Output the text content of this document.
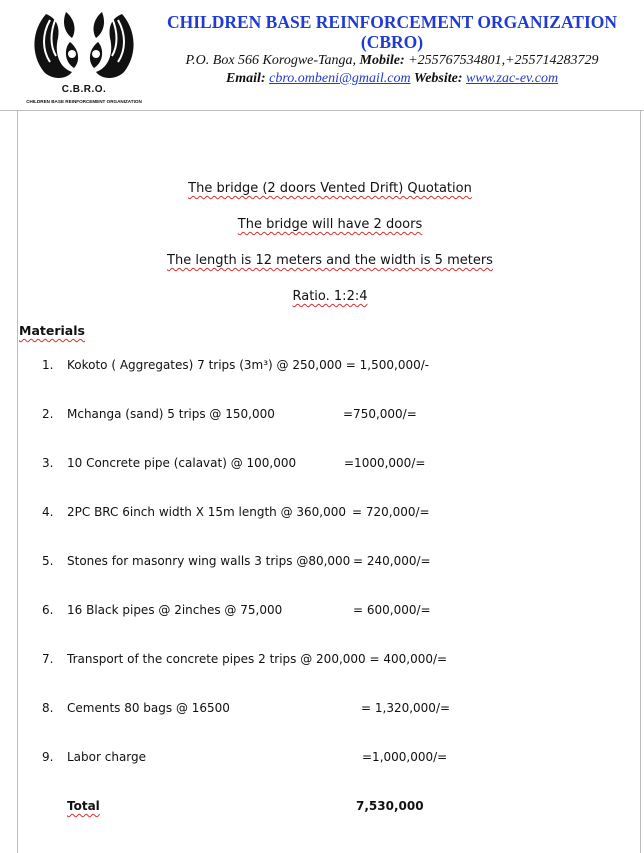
C.B.R.O.
CHILDREN BASE REINFORCEMENT ORGANIZATION
CHILDREN BASE REINFORCEMENT ORGANIZATION
(CBRO)
P.O. Box 566 Korogwe-Tanga, Mobile: +255767534801,+255714283729
Email: cbro.ombeni@gmail.com Website: www.zac-ev.com
The bridge (2 doors Vented Drift) Quotation
The bridge will have 2 doors
The length is 12 meters and the width is 5 meters
Ratio. 1:2:4
Materials
1. Kokoto ( Aggregates) 7 trips (3m³) @ 250,000 = 1,500,000/-
2. Mchanga (sand) 5 trips @ 150,000	=750,000/=
3. 10 Concrete pipe (calavat) @ 100,000	=1000,000/=
4. 2PC BRC 6inch width X 15m length @ 360,000 = 720,000/=
5. Stones for masonry wing walls 3 trips @80,000 = 240,000/=
6. 16 Black pipes @ 2inches @ 75,000	= 600,000/=
7. Transport of the concrete pipes 2 trips @ 200,000 = 400,000/=
8. Cements 80 bags @ 16500	= 1,320,000/=
9. Labor charge	=1,000,000/=
Total	7,530,000
